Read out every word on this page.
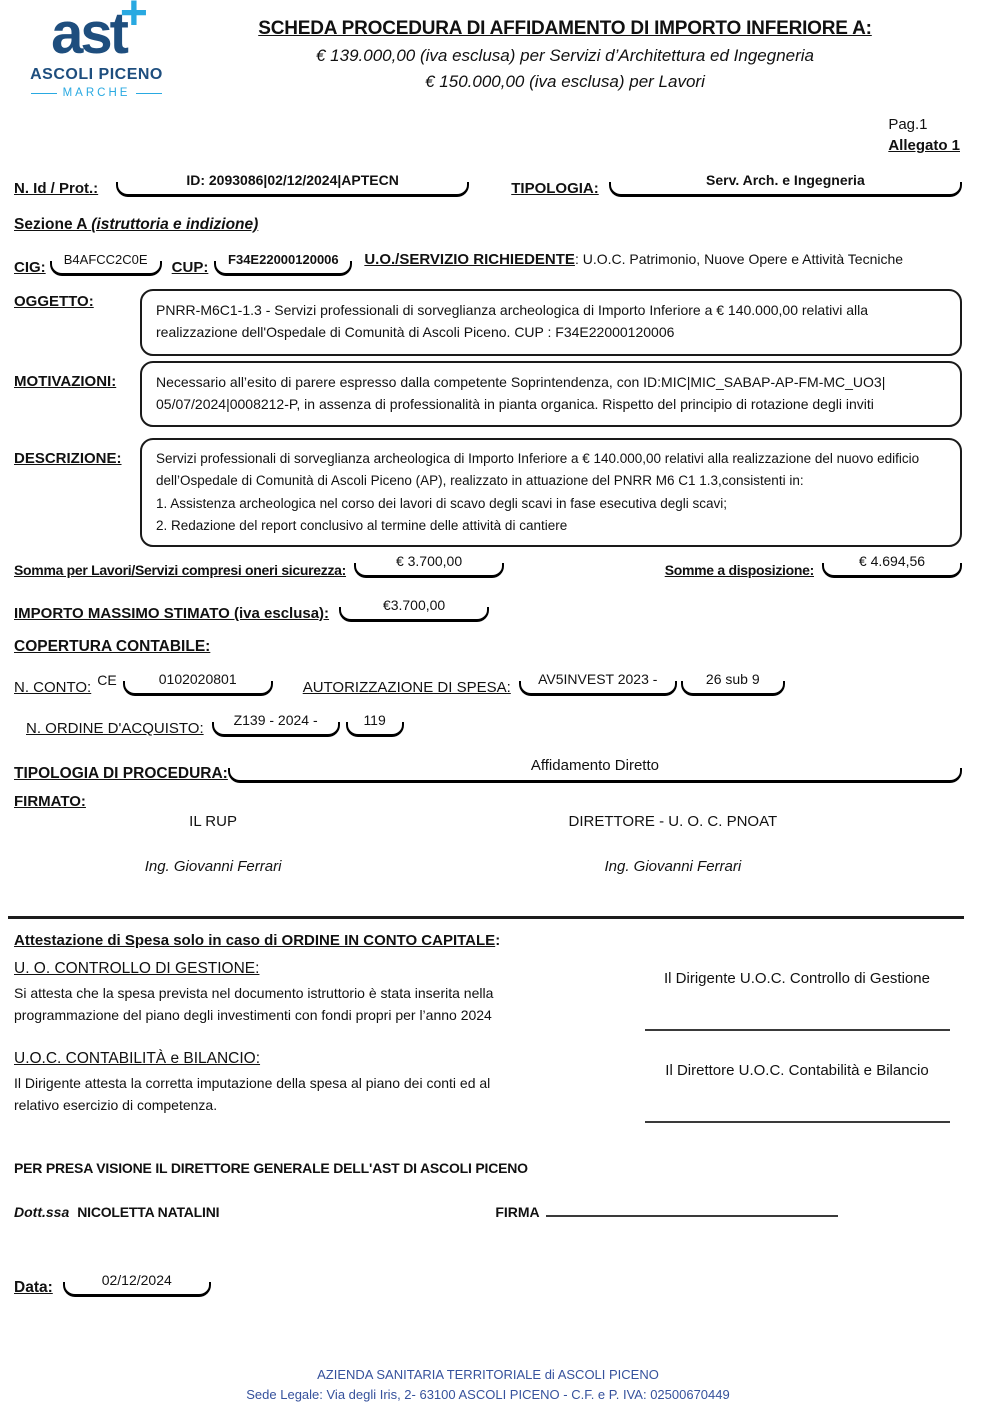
ast
+
ASCOLI PICENO
MARCHE
SCHEDA PROCEDURA DI AFFIDAMENTO DI IMPORTO INFERIORE A:
€ 139.000,00 (iva esclusa) per Servizi d’Architettura ed Ingegneria
€ 150.000,00 (iva esclusa) per Lavori
Pag.1
Allegato 1
N. Id / Prot.:	ID: 2093086|02/12/2024|APTECN	TIPOLOGIA:	Serv. Arch. e Ingegneria
Sezione A (istruttoria e indizione)
CIG:	B4AFCC2C0E	CUP:	F34E22000120006	U.O./SERVIZIO RICHIEDENTE: U.O.C. Patrimonio, Nuove Opere e Attività Tecniche
OGGETTO:	PNRR-M6C1-1.3 - Servizi professionali di sorveglianza archeologica di Importo Inferiore a € 140.000,00 relativi alla realizzazione dell'Ospedale di Comunità di Ascoli Piceno. CUP : F34E22000120006
MOTIVAZIONI:	Necessario all’esito di parere espresso dalla competente Soprintendenza, con ID:MIC|MIC_SABAP-AP-FM-MC_UO3| 05/07/2024|0008212-P, in assenza di professionalità in pianta organica. Rispetto del principio di rotazione degli inviti
DESCRIZIONE:	Servizi professionali di sorveglianza archeologica di Importo Inferiore a € 140.000,00 relativi alla realizzazione del nuovo edificio dell’Ospedale di Comunità di Ascoli Piceno (AP), realizzato in attuazione del PNRR M6 C1 1.3,consistenti in:
1. Assistenza archeologica nel corso dei lavori di scavo degli scavi in fase esecutiva degli scavi;
2. Redazione del report conclusivo al termine delle attività di cantiere
Somma per Lavori/Servizi compresi oneri sicurezza:
€ 3.700,00
Somme a disposizione:
€ 4.694,56
IMPORTO MASSIMO STIMATO (iva esclusa):	€3.700,00
COPERTURA CONTABILE:
N. CONTO: CE	0102020801	AUTORIZZAZIONE DI SPESA:	AV5INVEST 2023 -	26 sub 9
N. ORDINE D'ACQUISTO:	Z139 - 2024 -	119
TIPOLOGIA DI PROCEDURA:	Affidamento Diretto
FIRMATO:
IL RUP	DIRETTORE - U. O. C. PNOAT
Ing. Giovanni Ferrari	Ing. Giovanni Ferrari
Attestazione di Spesa solo in caso di ORDINE IN CONTO CAPITALE:
U. O. CONTROLLO DI GESTIONE:
Si attesta che la spesa prevista nel documento istruttorio è stata inserita nella programmazione del piano degli investimenti con fondi propri per l’anno 2024
Il Dirigente U.O.C. Controllo di Gestione
U.O.C. CONTABILITÀ e BILANCIO:
Il Dirigente attesta la corretta imputazione della spesa al piano dei conti ed al relativo esercizio di competenza.
Il Direttore U.O.C. Contabilità e Bilancio
PER PRESA VISIONE IL DIRETTORE GENERALE DELL'AST DI ASCOLI PICENO
Dott.ssa NICOLETTA NATALINI	FIRMA
Data:	02/12/2024
AZIENDA SANITARIA TERRITORIALE di ASCOLI PICENO
Sede Legale: Via degli Iris, 2- 63100 ASCOLI PICENO - C.F. e P. IVA: 02500670449
